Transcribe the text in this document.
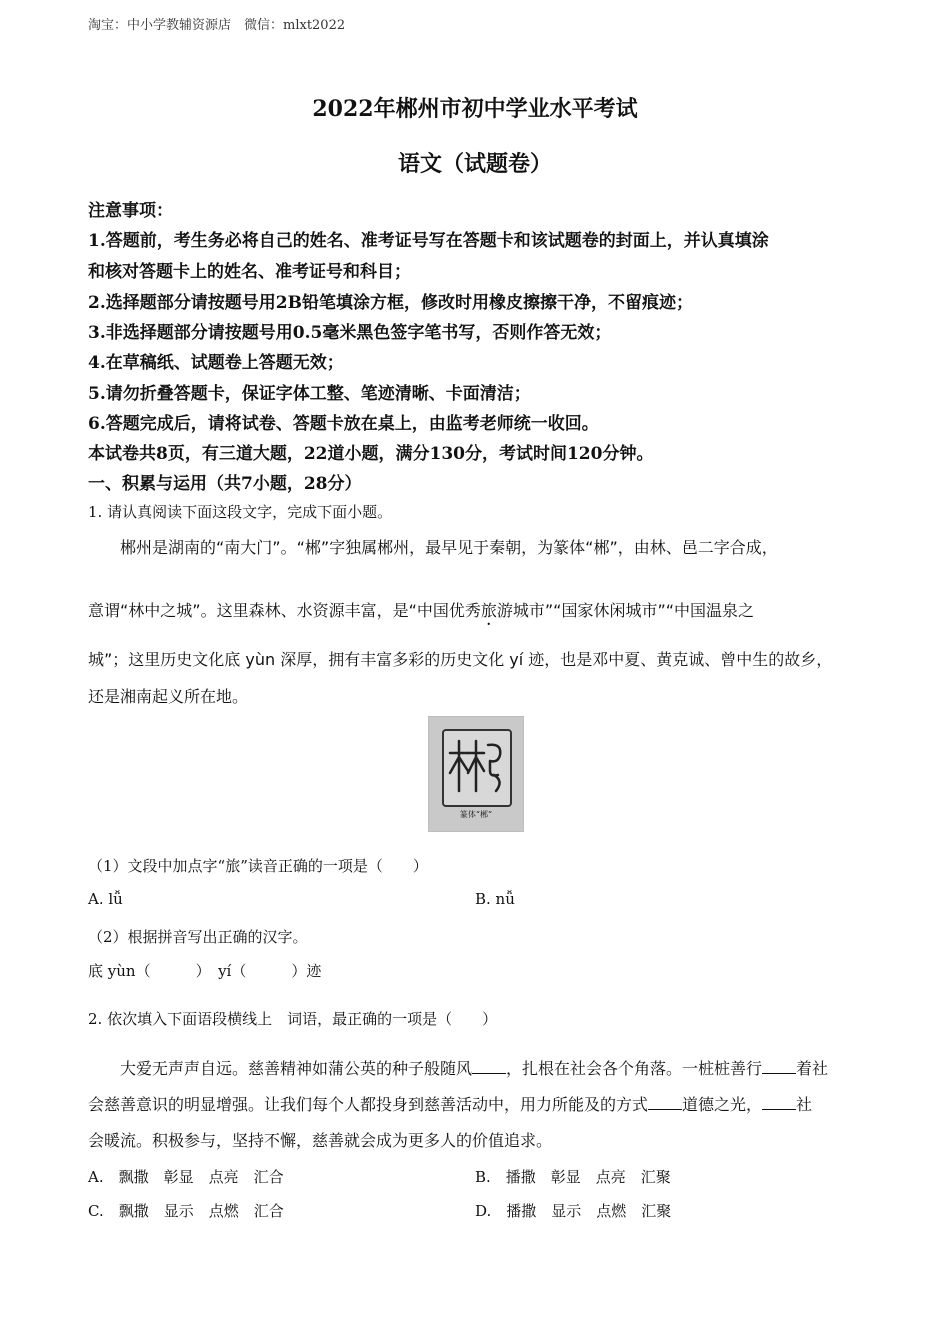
淘宝：中小学教辅资源店　微信：mlxt2022
2022年郴州市初中学业水平考试
语文（试题卷）
注意事项：
1.答题前，考生务必将自己的姓名、准考证号写在答题卡和该试题卷的封面上，并认真填涂
和核对答题卡上的姓名、准考证号和科目；
2.选择题部分请按题号用2B铅笔填涂方框，修改时用橡皮擦擦干净，不留痕迹；
3.非选择题部分请按题号用0.5毫米黑色签字笔书写，否则作答无效；
4.在草稿纸、试题卷上答题无效；
5.请勿折叠答题卡，保证字体工整、笔迹清晰、卡面清洁；
6.答题完成后，请将试卷、答题卡放在桌上，由监考老师统一收回。
本试卷共8页，有三道大题，22道小题，满分130分，考试时间120分钟。
一、积累与运用（共7小题，28分）
1. 请认真阅读下面这段文字，完成下面小题。
郴州是湖南的“南大门”。“郴”字独属郴州，最早见于秦朝，为篆体“郴”，由林、邑二字合成，
意谓“林中之城”。这里森林、水资源丰富，是“中国优秀旅游城市”“国家休闲城市”“中国温泉之
城”；这里历史文化底 yùn 深厚，拥有丰富多彩的历史文化 yí 迹，也是邓中夏、黄克诚、曾中生的故乡，
还是湘南起义所在地。
篆体“郴”
（1）文段中加点字“旅”读音正确的一项是（　　）
A. lǚ	B. nǚ
（2）根据拼音写出正确的汉字。
底 yùn（　　　）　yí（　　　）迹
2. 依次填入下面语段横线上　词语，最正确的一项是（　　）
大爱无声声自远。慈善精神如蒲公英的种子般随风 ，扎根在社会各个角落。一桩桩善行 着社
会慈善意识的明显增强。让我们每个人都投身到慈善活动中，用力所能及的方式 道德之光， 社
会暖流。积极参与，坚持不懈，慈善就会成为更多人的价值追求。
A.　飘撒　彰显　点亮　汇合	B.　播撒　彰显　点亮　汇聚
C.　飘撒　显示　点燃　汇合	D.　播撒　显示　点燃　汇聚
